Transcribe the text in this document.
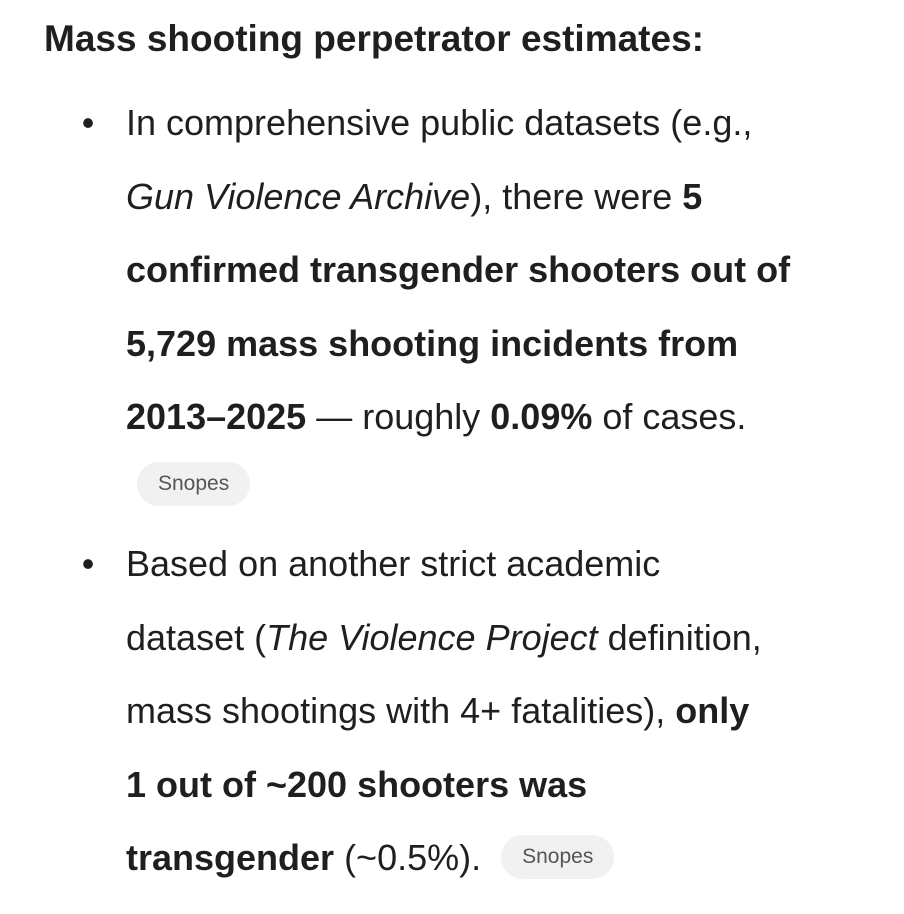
Mass shooting perpetrator estimates:
• In comprehensive public datasets (e.g.,
Gun Violence Archive), there were 5
confirmed transgender shooters out of
5,729 mass shooting incidents from
2013–2025 — roughly 0.09% of cases.
Snopes
• Based on another strict academic
dataset (The Violence Project definition,
mass shootings with 4+ fatalities), only
1 out of ~200 shooters was
transgender (~0.5%). Snopes
